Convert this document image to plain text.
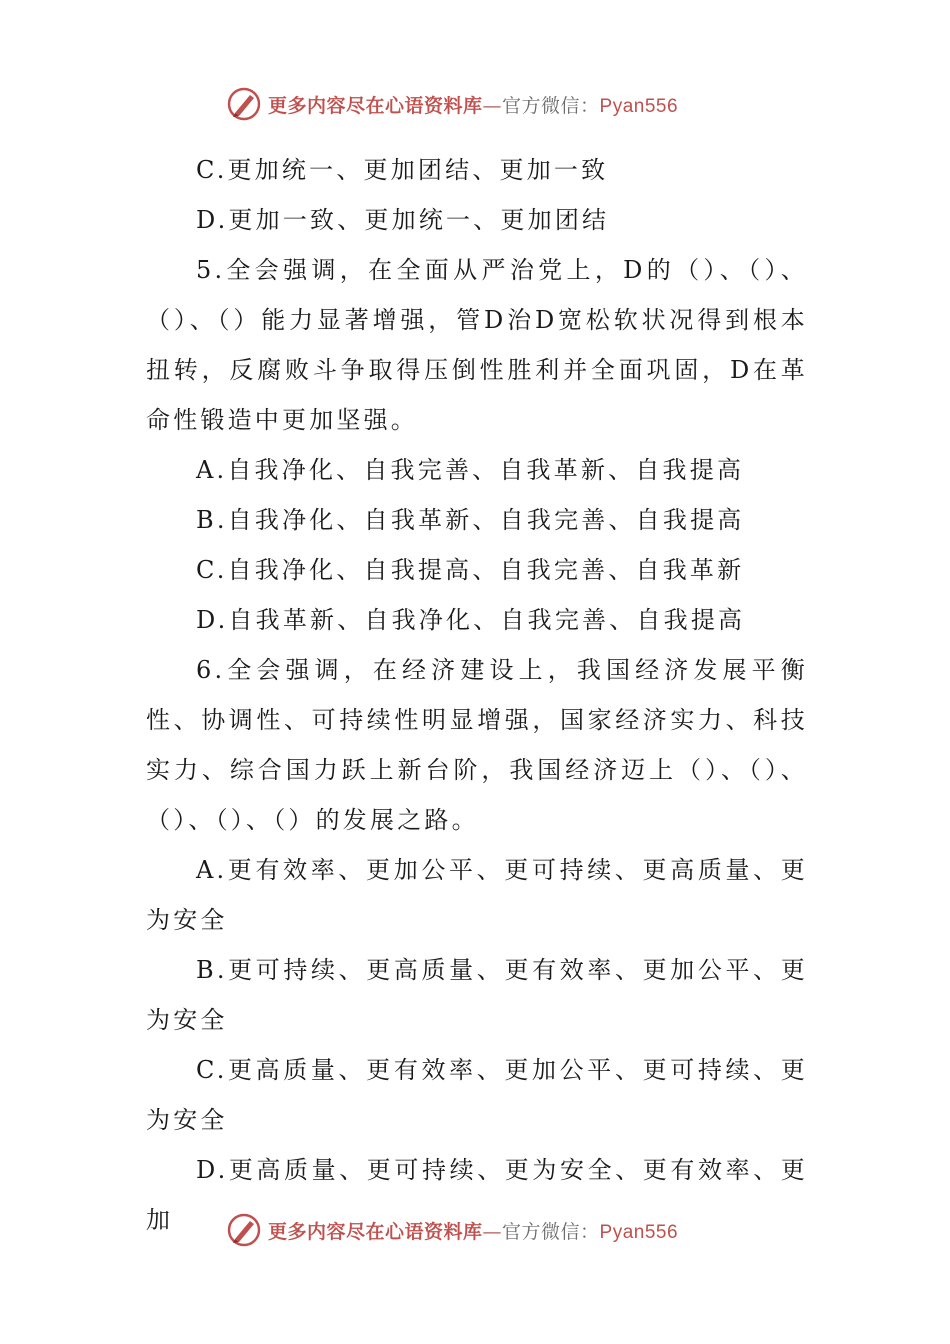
更多内容尽在心语资料库—官方微信：Pyan556

C.更加统一、更加团结、更加一致

D.更加一致、更加统一、更加团结

5.全会强调，在全面从严治党上，D的（）、（）、（）、（）能力显著增强，管D治D宽松软状况得到根本扭转，反腐败斗争取得压倒性胜利并全面巩固，D在革命性锻造中更加坚强。

A.自我净化、自我完善、自我革新、自我提高

B.自我净化、自我革新、自我完善、自我提高

C.自我净化、自我提高、自我完善、自我革新

D.自我革新、自我净化、自我完善、自我提高

6.全会强调，在经济建设上，我国经济发展平衡性、协调性、可持续性明显增强，国家经济实力、科技实力、综合国力跃上新台阶，我国经济迈上（）、（）、（）、（）、（）的发展之路。

A.更有效率、更加公平、更可持续、更高质量、更为安全

B.更可持续、更高质量、更有效率、更加公平、更为安全

C.更高质量、更有效率、更加公平、更可持续、更为安全

D.更高质量、更可持续、更为安全、更有效率、更加	更多内容尽在心语资料库—官方微信：Pyan556
